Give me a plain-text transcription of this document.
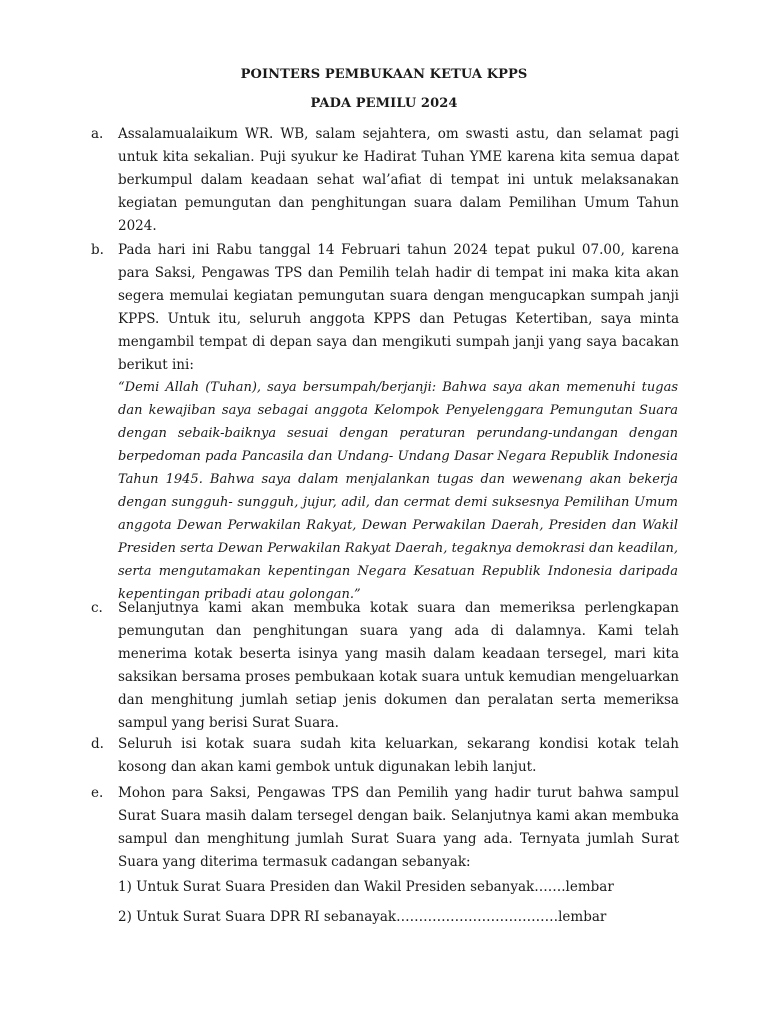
POINTERS PEMBUKAAN KETUA KPPS
PADA PEMILU 2024
a. Assalamualaikum WR. WB, salam sejahtera, om swasti astu, dan selamat pagi untuk kita sekalian. Puji syukur ke Hadirat Tuhan YME karena kita semua dapat berkumpul dalam keadaan sehat wal’afiat di tempat ini untuk melaksanakan kegiatan pemungutan dan penghitungan suara dalam Pemilihan Umum Tahun 2024.
b. Pada hari ini Rabu tanggal 14 Februari tahun 2024 tepat pukul 07.00, karena para Saksi, Pengawas TPS dan Pemilih telah hadir di tempat ini maka kita akan segera memulai kegiatan pemungutan suara dengan mengucapkan sumpah janji KPPS. Untuk itu, seluruh anggota KPPS dan Petugas Ketertiban, saya minta mengambil tempat di depan saya dan mengikuti sumpah janji yang saya bacakan berikut ini:
“Demi Allah (Tuhan), saya bersumpah/berjanji: Bahwa saya akan memenuhi tugas dan kewajiban saya sebagai anggota Kelompok Penyelenggara Pemungutan Suara dengan sebaik-baiknya sesuai dengan peraturan perundang-undangan dengan berpedoman pada Pancasila dan Undang- Undang Dasar Negara Republik Indonesia Tahun 1945. Bahwa saya dalam menjalankan tugas dan wewenang akan bekerja dengan sungguh- sungguh, jujur, adil, dan cermat demi suksesnya Pemilihan Umum anggota Dewan Perwakilan Rakyat, Dewan Perwakilan Daerah, Presiden dan Wakil Presiden serta Dewan Perwakilan Rakyat Daerah, tegaknya demokrasi dan keadilan, serta mengutamakan kepentingan Negara Kesatuan Republik Indonesia daripada kepentingan pribadi atau golongan.”
c. Selanjutnya kami akan membuka kotak suara dan memeriksa perlengkapan pemungutan dan penghitungan suara yang ada di dalamnya. Kami telah menerima kotak beserta isinya yang masih dalam keadaan tersegel, mari kita saksikan bersama proses pembukaan kotak suara untuk kemudian mengeluarkan dan menghitung jumlah setiap jenis dokumen dan peralatan serta memeriksa sampul yang berisi Surat Suara.
d. Seluruh isi kotak suara sudah kita keluarkan, sekarang kondisi kotak telah kosong dan akan kami gembok untuk digunakan lebih lanjut.
e. Mohon para Saksi, Pengawas TPS dan Pemilih yang hadir turut bahwa sampul Surat Suara masih dalam tersegel dengan baik. Selanjutnya kami akan membuka sampul dan menghitung jumlah Surat Suara yang ada. Ternyata jumlah Surat Suara yang diterima termasuk cadangan sebanyak:
1) Untuk Surat Suara Presiden dan Wakil Presiden sebanyak…….lembar
2) Untuk Surat Suara DPR RI sebanayak………………………………lembar
